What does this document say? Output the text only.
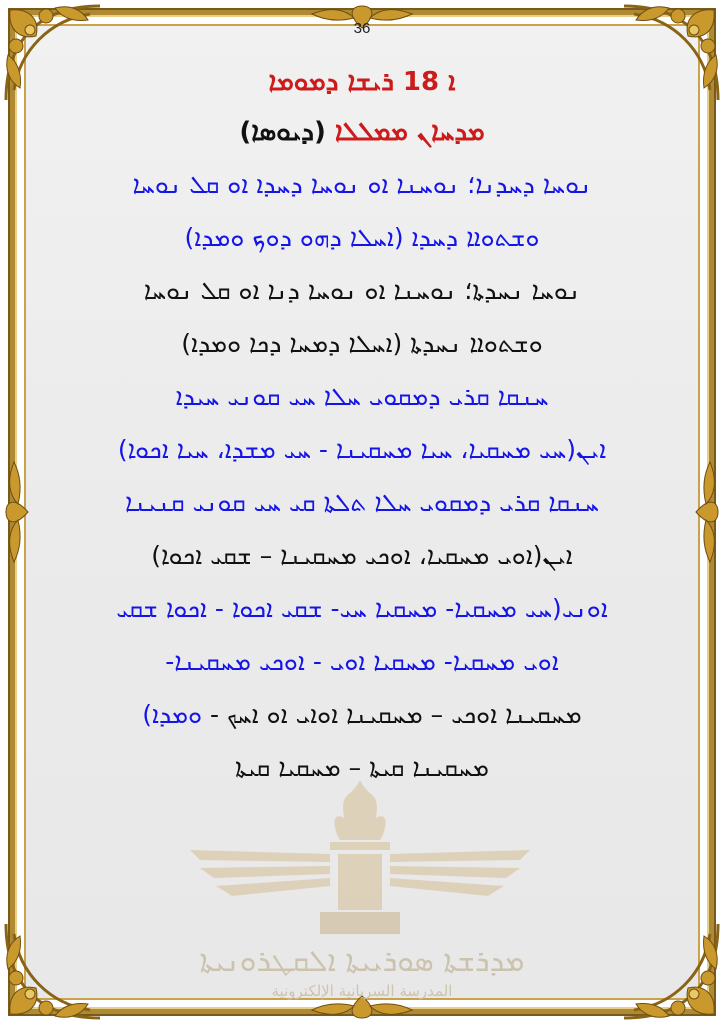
ܡܕܪܫܬܐ ܣܘܪܝܝܬܐ ܐܠܩܛܪܘܢܝܬܐ
المدرسة السريانية الإلكترونية
36
ܐ 18 ܪܝܫܐ ܕܡܘܡܐ
ܡܕܚܐܢ ܡܡܠܠܐ (ܕܝܘܣܐ)
ܢܘܚܐ ܕܚܕܢܐ؛ ܢܘܚܢܐ ܐܘ ܢܘܚܐ ܕܚܕܐ ܐܘ ܩܠ ܢܘܚܐ
ܘܫܬܘܐܐ ܕܚܕܐ (ܐܚܠܐ ܕܗܘ ܕܘܟ ܘܡܕܐ)
ܢܘܚܐ ܢܚܕܬܐ؛ ܢܘܚܢܐ ܐܘ ܢܘܚܐ ܕܢܐ ܐܘ ܩܠ ܢܘܚܐ
ܘܫܬܘܐܐ ܢܚܕܬܐ (ܐܚܠܐ ܕܡܚܐ ܕܟܐ ܘܡܕܐ)
ܚܢܩܐ ܩܪܝ ܕܡܩܘܝ ܚܠܐ ܚܝ ܩܘܢܝ ܚܝܕܐ
ܐܝܢ(ܚܝ ܡܚܩܝܐ، ܚܝܐ ܡܚܩܝܢܐ - ܚܝ ܡܫܕܐ، ܚܝܐ ܐܟܘܐ)
ܚܢܩܐ ܩܪܝ ܕܡܩܘܝ ܚܠܐ ܬܠܬܐ ܩܝ ܚܝ ܩܘܢܝ ܩܢܝܢܐ
ܐܝܢ(ܐܘܝ ܡܚܩܝܐ، ܐܘܟܝ ܡܚܩܝܢܐ – ܫܩܝ ܐܟܘܐ)
ܐܘܢܝ(ܚܝ ܡܚܩܝܐ- ܡܚܩܝܐ ܚܝ- ܫܩܝ ܐܟܘܐ - ܐܟܘܐ ܫܩܝ
ܐܘܝ ܡܚܩܝܐ- ܡܚܩܝܐ ܐܘܝ - ܐܘܟܝ ܡܚܩܝܢܐ-
ܡܚܩܝܢܐ ܐܘܟܝ – ܡܚܩܝܢܐ ܐܘܐܝ ܐܘ ܐܚܟ - ܘܡܕܐ)
ܡܚܩܝܢܐ ܩܝܬܐ – ܡܚܩܝܐ ܩܝܬܐ
